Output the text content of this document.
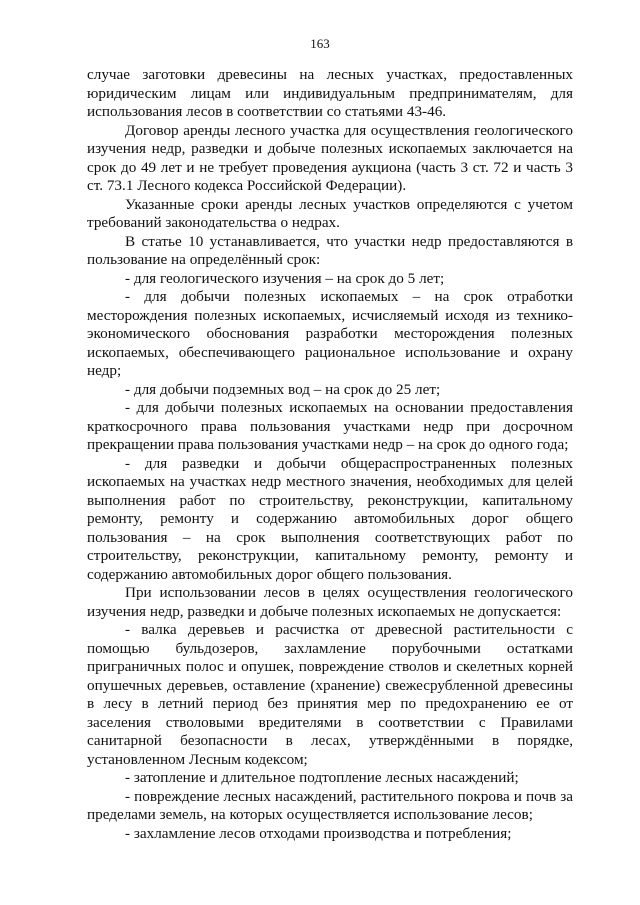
163

случае заготовки древесины на лесных участках, предоставленных юридическим лицам или индивидуальным предпринимателям, для использования лесов в соответствии со статьями 43-46.

Договор аренды лесного участка для осуществления геологического изучения недр, разведки и добыче полезных ископаемых заключается на срок до 49 лет и не требует проведения аукциона (часть 3 ст. 72 и часть 3 ст. 73.1 Лесного кодекса Российской Федерации).

Указанные сроки аренды лесных участков определяются с учетом требований законодательства о недрах.

В статье 10 устанавливается, что участки недр предоставляются в пользование на определённый срок:

- для геологического изучения – на срок до 5 лет;

- для добычи полезных ископаемых – на срок отработки месторождения полезных ископаемых, исчисляемый исходя из технико-экономического обоснования разработки месторождения полезных ископаемых, обеспечивающего рациональное использование и охрану недр;

- для добычи подземных вод – на срок до 25 лет;

- для добычи полезных ископаемых на основании предоставления краткосрочного права пользования участками недр при досрочном прекращении права пользования участками недр – на срок до одного года;

- для разведки и добычи общераспространенных полезных ископаемых на участках недр местного значения, необходимых для целей выполнения работ по строительству, реконструкции, капитальному ремонту, ремонту и содержанию автомобильных дорог общего пользования – на срок выполнения соответствующих работ по строительству, реконструкции, капитальному ремонту, ремонту и содержанию автомобильных дорог общего пользования.

При использовании лесов в целях осуществления геологического изучения недр, разведки и добыче полезных ископаемых не допускается:

- валка деревьев и расчистка от древесной растительности с помощью бульдозеров, захламление порубочными остатками приграничных полос и опушек, повреждение стволов и скелетных корней опушечных деревьев, оставление (хранение) свежесрубленной древесины в лесу в летний период без принятия мер по предохранению ее от заселения стволовыми вредителями в соответствии с Правилами санитарной безопасности в лесах, утверждёнными в порядке, установленном Лесным кодексом;

- затопление и длительное подтопление лесных насаждений;

- повреждение лесных насаждений, растительного покрова и почв за пределами земель, на которых осуществляется использование лесов;

- захламление лесов отходами производства и потребления;
